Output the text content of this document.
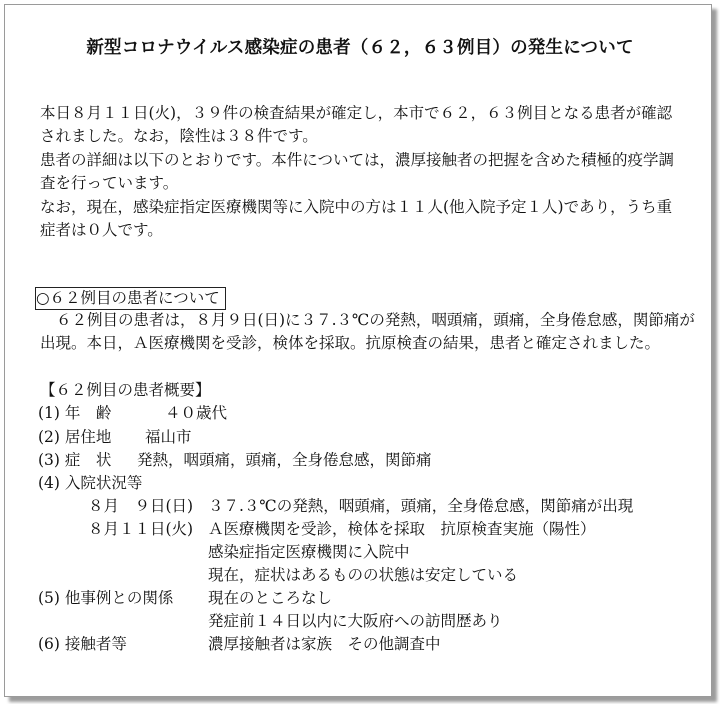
新型コロナウイルス感染症の患者（６２，６３例目）の発生について
本日８月１１日(火)，３９件の検査結果が確定し，本市で６２，６３例目となる患者が確認
されました。なお，陰性は３８件です。
患者の詳細は以下のとおりです。本件については，濃厚接触者の把握を含めた積極的疫学調
査を行っています。
なお，現在，感染症指定医療機関等に入院中の方は１１人(他入院予定１人)であり，うち重
症者は０人です。
○６２例目の患者について
６２例目の患者は，８月９日(日)に３７.３℃の発熱，咽頭痛，頭痛，全身倦怠感，関節痛が
出現。本日，Ａ医療機関を受診，検体を採取。抗原検査の結果，患者と確定されました。
【６２例目の患者概要】
(1) 年　齢	４０歳代
(2) 居住地 福山市
(3) 症　状 発熱，咽頭痛，頭痛，全身倦怠感，関節痛
(4) 入院状況等
８月　９日(日) ３７.３℃の発熱，咽頭痛，頭痛，全身倦怠感，関節痛が出現
８月１１日(火) Ａ医療機関を受診，検体を採取　抗原検査実施（陽性）
感染症指定医療機関に入院中
現在，症状はあるものの状態は安定している
(5) 他事例との関係 現在のところなし
発症前１４日以内に大阪府への訪問歴あり
(6) 接触者等	濃厚接触者は家族　その他調査中
